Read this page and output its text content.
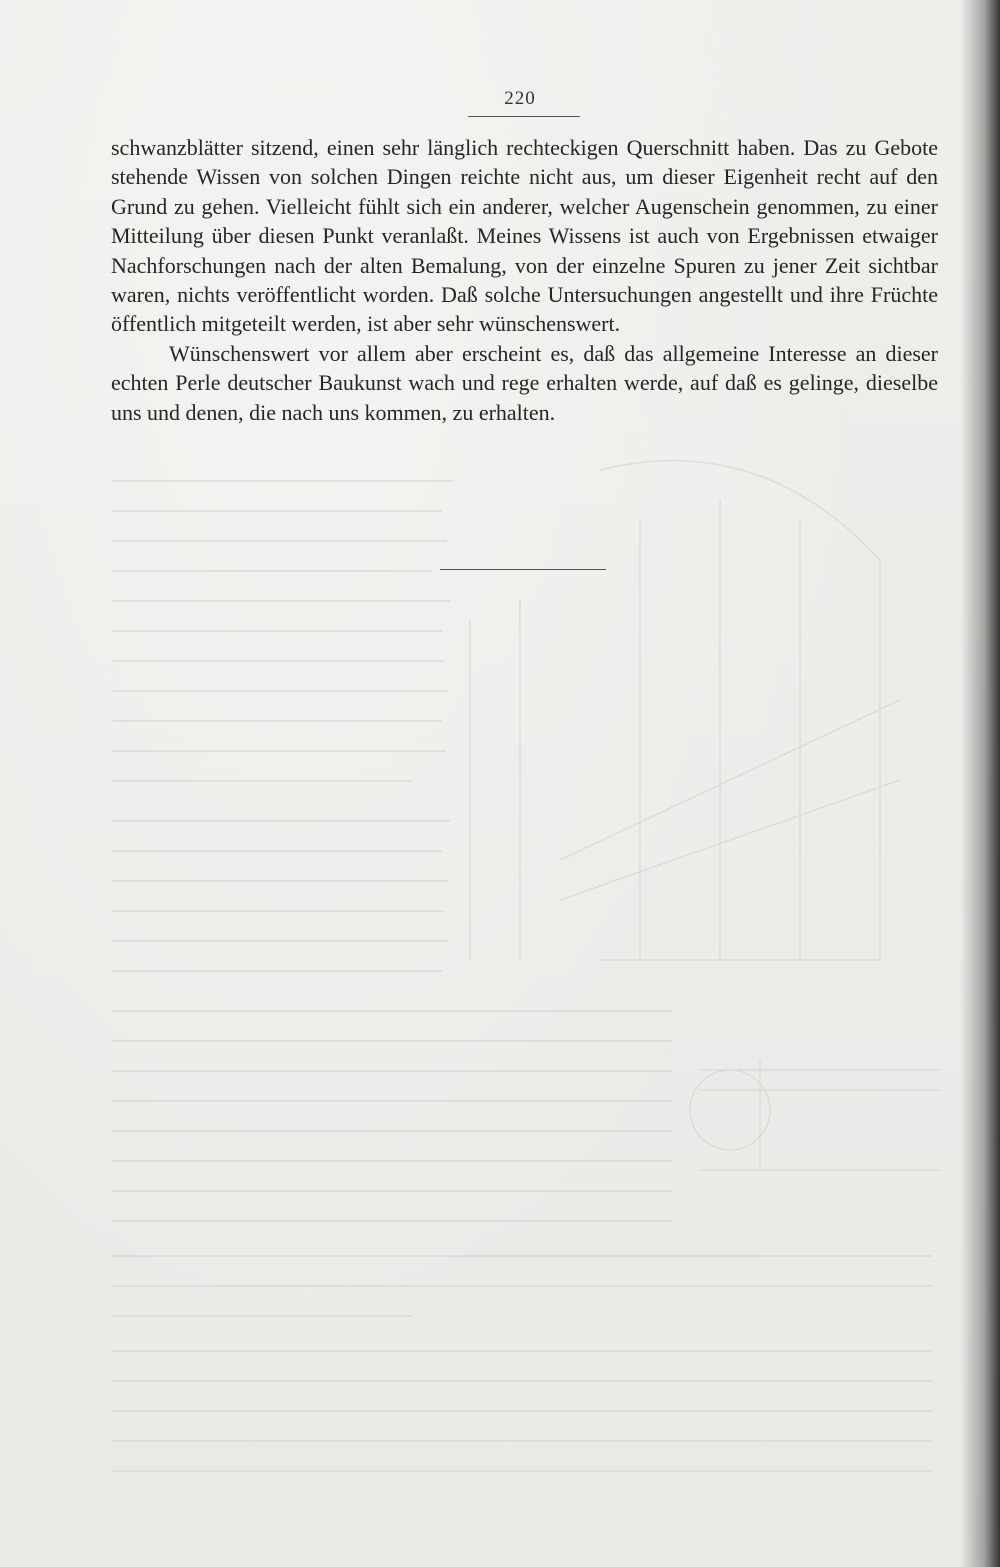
220

schwanzblätter sitzend, einen sehr länglich rechteckigen Querschnitt haben. Das zu Gebote stehende Wissen von solchen Dingen reichte nicht aus, um dieser Eigenheit recht auf den Grund zu gehen. Vielleicht fühlt sich ein anderer, welcher Augenschein genommen, zu einer Mitteilung über diesen Punkt veranlaßt. Meines Wissens ist auch von Ergebnissen etwaiger Nachforschungen nach der alten Bemalung, von der einzelne Spuren zu jener Zeit sichtbar waren, nichts veröffentlicht worden. Daß solche Untersuchungen angestellt und ihre Früchte öffentlich mitgeteilt werden, ist aber sehr wünschenswert.

Wünschenswert vor allem aber erscheint es, daß das allgemeine Interesse an dieser echten Perle deutscher Baukunst wach und rege erhalten werde, auf daß es gelinge, dieselbe uns und denen, die nach uns kommen, zu erhalten.
